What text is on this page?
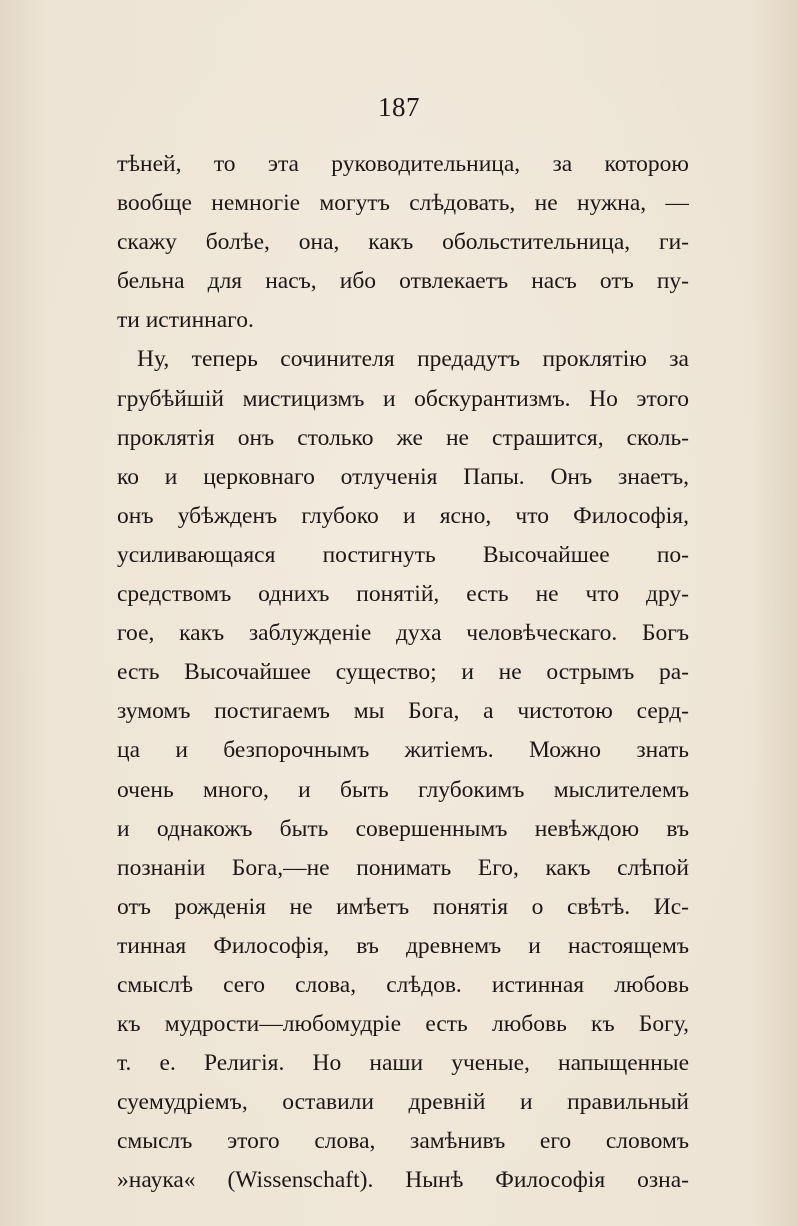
187
тѣней, то эта руководительница, за которою
вообще немногіе могутъ слѣдовать, не нужна, —
скажу болѣе, она, какъ обольстительница, ги-
бельна для насъ, ибо отвлекаетъ насъ отъ пу-
ти истиннаго.
Ну, теперь сочинителя предадутъ проклятію за
грубѣйшій мистицизмъ и обскурантизмъ. Но этого
проклятія онъ столько же не страшится, сколь-
ко и церковнаго отлученія Папы. Онъ знаетъ,
онъ убѣжденъ глубоко и ясно, что Философія,
усиливающаяся постигнуть Высочайшее по-
средствомъ однихъ понятій, есть не что дру-
гое, какъ заблужденіе духа человѣческаго. Богъ
есть Высочайшее существо; и не острымъ ра-
зумомъ постигаемъ мы Бога, а чистотою серд-
ца и безпорочнымъ житіемъ. Можно знать
очень много, и быть глубокимъ мыслителемъ
и однакожъ быть совершеннымъ невѣждою въ
познаніи Бога,—не понимать Его, какъ слѣпой
отъ рожденія не имѣетъ понятія о свѣтѣ. Ис-
тинная Философія, въ древнемъ и настоящемъ
смыслѣ сего слова, слѣдов. истинная любовь
къ мудрости—любомудріе есть любовь къ Богу,
т. е. Религія. Но наши ученые, напыщенные
суемудріемъ, оставили древній и правильный
смыслъ этого слова, замѣнивъ его словомъ
»наука« (Wissenschaft). Нынѣ Философія озна-
